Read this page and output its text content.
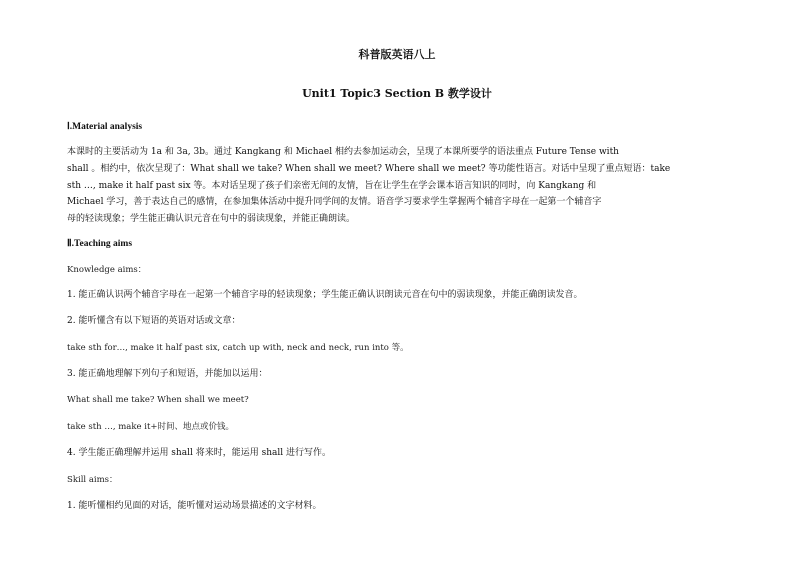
科普版英语八上
Unit1 Topic3 Section B 教学设计
Ⅰ.Material analysis
本课时的主要活动为 1a 和 3a, 3b。通过 Kangkang 和 Michael 相约去参加运动会，呈现了本课所要学的语法重点 Future Tense with
shall 。相约中，依次呈现了：What shall we take? When shall we meet? Where shall we meet? 等功能性语言。对话中呈现了重点短语：take
sth …, make it half past six 等。本对话呈现了孩子们亲密无间的友情，旨在让学生在学会课本语言知识的同时，向 Kangkang 和
Michael 学习，善于表达自己的感情，在参加集体活动中提升同学间的友情。语音学习要求学生掌握两个辅音字母在一起第一个辅音字
母的轻读现象；学生能正确认识元音在句中的弱读现象，并能正确朗读。
Ⅱ.Teaching aims
Knowledge aims：
1. 能正确认识两个辅音字母在一起第一个辅音字母的轻读现象；学生能正确认识朗读元音在句中的弱读现象，并能正确朗读发音。
2. 能听懂含有以下短语的英语对话或文章：
take sth for…, make it half past six, catch up with, neck and neck, run into 等。
3. 能正确地理解下列句子和短语，并能加以运用：
What shall me take? When shall we meet?
take sth …, make it+时间、地点或价钱。
4. 学生能正确理解并运用 shall 将来时，能运用 shall 进行写作。
Skill aims：
1. 能听懂相约见面的对话，能听懂对运动场景描述的文字材料。
